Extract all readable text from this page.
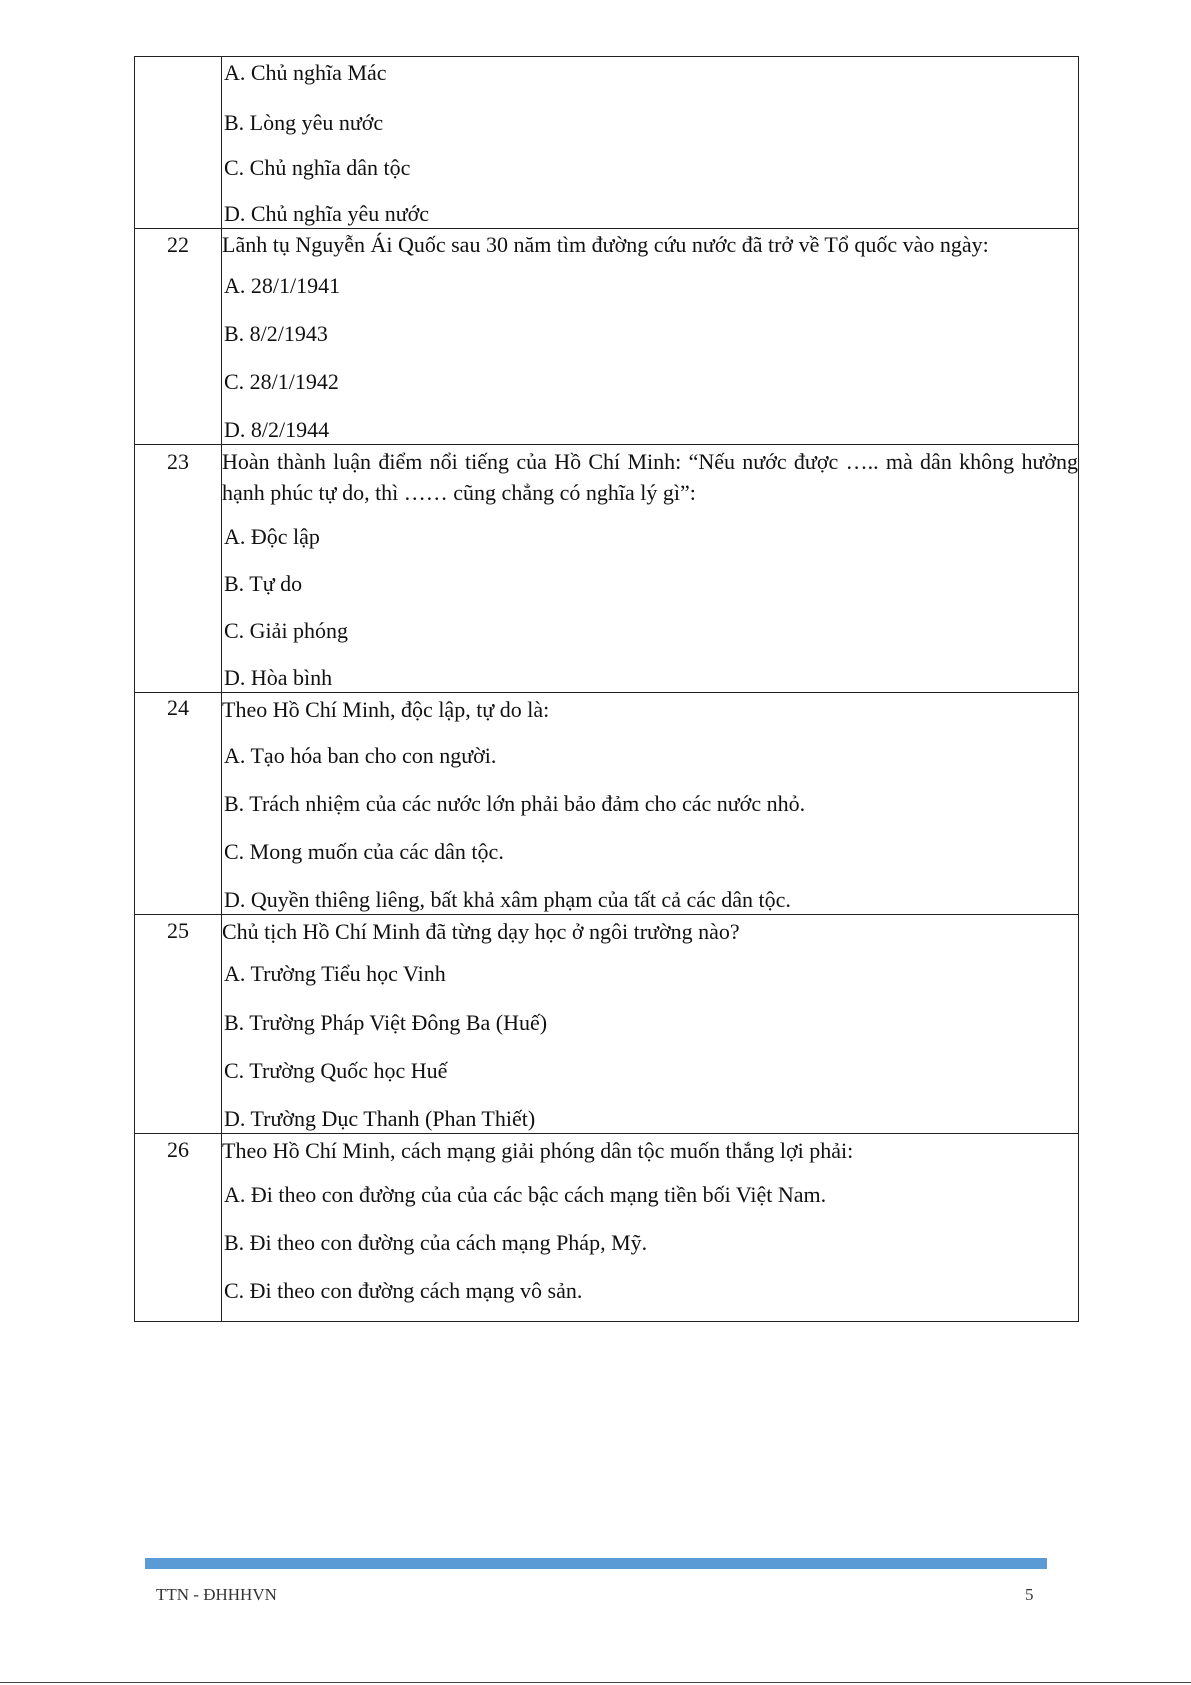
	A. Chủ nghĩa Mác

B. Lòng yêu nước

C. Chủ nghĩa dân tộc

D. Chủ nghĩa yêu nước

22	Lãnh tụ Nguyễn Ái Quốc sau 30 năm tìm đường cứu nước đã trở về Tổ quốc vào ngày:

A. 28/1/1941

B. 8/2/1943

C. 28/1/1942

D. 8/2/1944

23	Hoàn thành luận điểm nổi tiếng của Hồ Chí Minh: “Nếu nước được ….. mà dân không hưởng hạnh phúc tự do, thì …… cũng chẳng có nghĩa lý gì”:

A. Độc lập

B. Tự do

C. Giải phóng

D. Hòa bình

24	Theo Hồ Chí Minh, độc lập, tự do là:

A. Tạo hóa ban cho con người.

B. Trách nhiệm của các nước lớn phải bảo đảm cho các nước nhỏ.

C. Mong muốn của các dân tộc.

D. Quyền thiêng liêng, bất khả xâm phạm của tất cả các dân tộc.

25	Chủ tịch Hồ Chí Minh đã từng dạy học ở ngôi trường nào?

A. Trường Tiểu học Vinh

B. Trường Pháp Việt Đông Ba (Huế)

C. Trường Quốc học Huế

D. Trường Dục Thanh (Phan Thiết)

26	Theo Hồ Chí Minh, cách mạng giải phóng dân tộc muốn thắng lợi phải:

A. Đi theo con đường của của các bậc cách mạng tiền bối Việt Nam.

B. Đi theo con đường của cách mạng Pháp, Mỹ.

C. Đi theo con đường cách mạng vô sản.

TTN - ĐHHHVN	5
